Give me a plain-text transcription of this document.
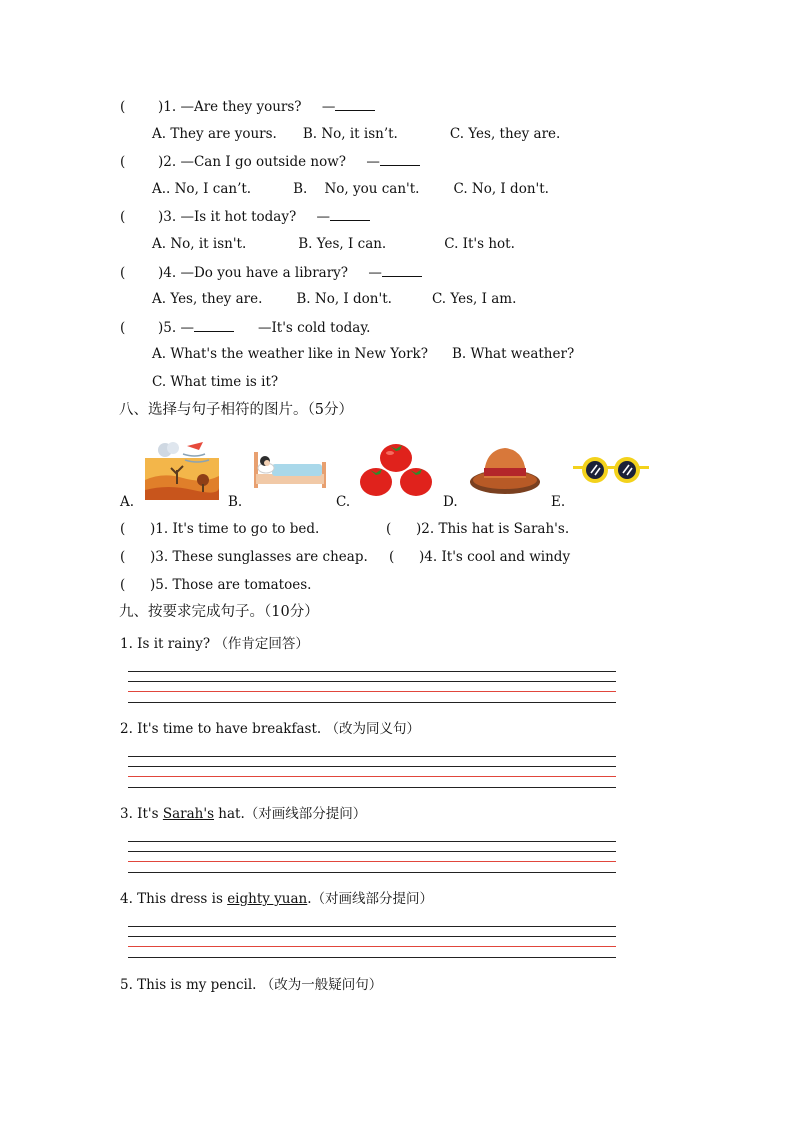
( )1. —Are they yours? —
A. They are yours. B. No, it isn’t.	C. Yes, they are.
( )2. —Can I go outside now? —
A.. No, I can’t.	B.    No, you can't.	C. No, I don't.
( )3. —Is it hot today? —
A. No, it isn't.	B. Yes, I can.	C. It's hot.
( )4. —Do you have a library? —
A. Yes, they are.	B. No, I don't.	C. Yes, I am.
( )5. —	—It's cold today.
A. What's the weather like in New York? B. What weather?
C. What time is it?
八、选择与句子相符的图片。（5分）
A.	B.	C.	D.	E.
( )1. It's time to go to bed.	( )2. This hat is Sarah's.
( )3. These sunglasses are cheap. ( )4. It's cool and windy
( )5. Those are tomatoes.
九、按要求完成句子。（10分）
1. Is it rainy? （作肯定回答）
2. It's time to have breakfast. （改为同义句）
3. It's Sarah's hat.（对画线部分提问）
4. This dress is eighty yuan.（对画线部分提问）
5. This is my pencil. （改为一般疑问句）
